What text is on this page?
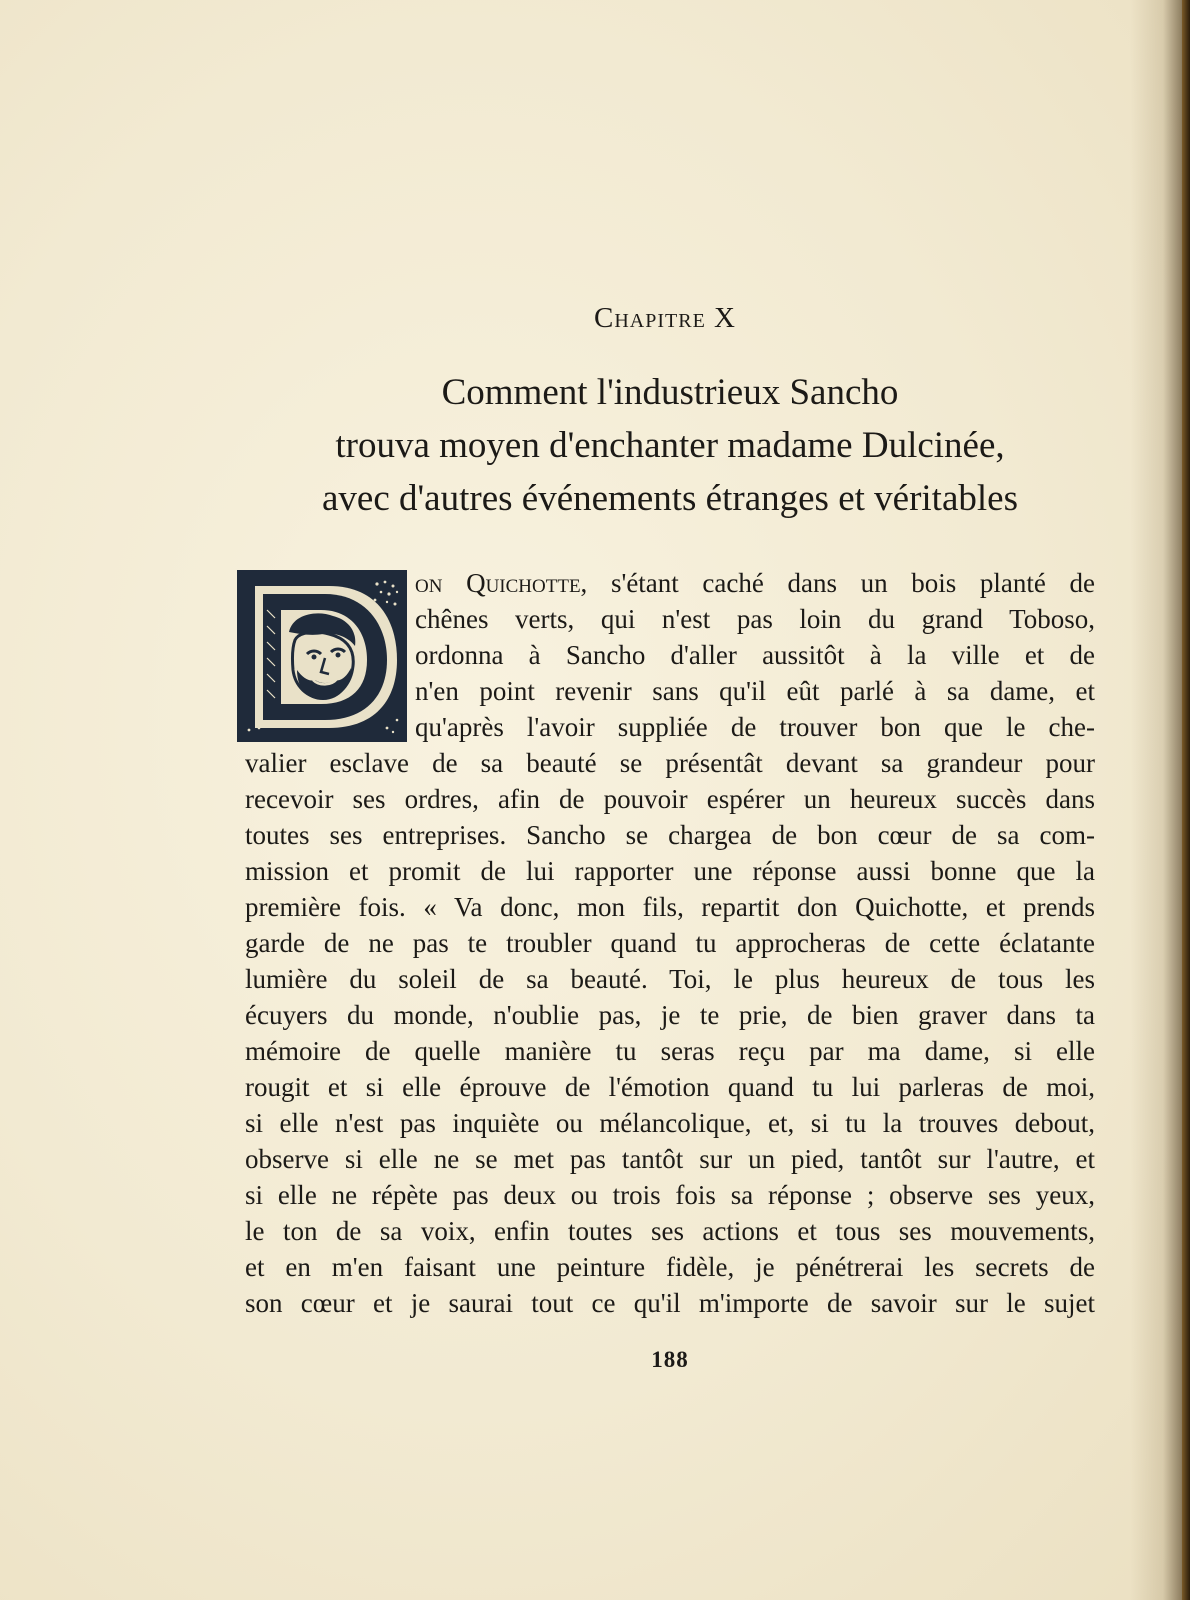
Chapitre X
Comment l'industrieux Sancho
trouva moyen d'enchanter madame Dulcinée,
avec d'autres événements étranges et véritables
on Quichotte, s'étant caché dans un bois planté de
chênes verts, qui n'est pas loin du grand Toboso,
ordonna à Sancho d'aller aussitôt à la ville et de
n'en point revenir sans qu'il eût parlé à sa dame, et
qu'après l'avoir suppliée de trouver bon que le che-
valier esclave de sa beauté se présentât devant sa grandeur pour
recevoir ses ordres, afin de pouvoir espérer un heureux succès dans
toutes ses entreprises. Sancho se chargea de bon cœur de sa com-
mission et promit de lui rapporter une réponse aussi bonne que la
première fois. « Va donc, mon fils, repartit don Quichotte, et prends
garde de ne pas te troubler quand tu approcheras de cette éclatante
lumière du soleil de sa beauté. Toi, le plus heureux de tous les
écuyers du monde, n'oublie pas, je te prie, de bien graver dans ta
mémoire de quelle manière tu seras reçu par ma dame, si elle
rougit et si elle éprouve de l'émotion quand tu lui parleras de moi,
si elle n'est pas inquiète ou mélancolique, et, si tu la trouves debout,
observe si elle ne se met pas tantôt sur un pied, tantôt sur l'autre, et
si elle ne répète pas deux ou trois fois sa réponse ; observe ses yeux,
le ton de sa voix, enfin toutes ses actions et tous ses mouvements,
et en m'en faisant une peinture fidèle, je pénétrerai les secrets de
son cœur et je saurai tout ce qu'il m'importe de savoir sur le sujet
188
